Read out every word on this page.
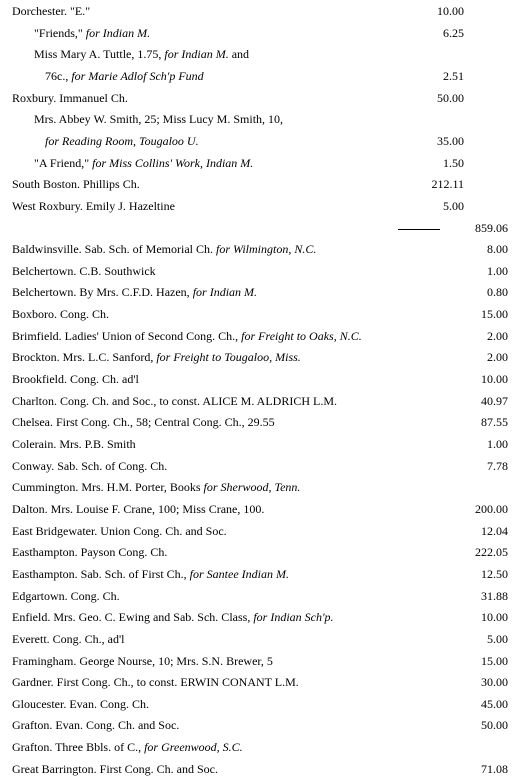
Dorchester. "E."	10.00
"Friends," for Indian M.	6.25
Miss Mary A. Tuttle, 1.75, for Indian M. and
76c., for Marie Adlof Sch'p Fund	2.51
Roxbury. Immanuel Ch.	50.00
Mrs. Abbey W. Smith, 25; Miss Lucy M. Smith, 10,
for Reading Room, Tougaloo U.	35.00
"A Friend," for Miss Collins' Work, Indian M.	1.50
South Boston. Phillips Ch.	212.11
West Roxbury. Emily J. Hazeltine	5.00
859.06
Baldwinsville. Sab. Sch. of Memorial Ch. for Wilmington, N.C.	8.00
Belchertown. C.B. Southwick	1.00
Belchertown. By Mrs. C.F.D. Hazen, for Indian M.	0.80
Boxboro. Cong. Ch.	15.00
Brimfield. Ladies' Union of Second Cong. Ch., for Freight to Oaks, N.C.	2.00
Brockton. Mrs. L.C. Sanford, for Freight to Tougaloo, Miss.	2.00
Brookfield. Cong. Ch. ad'l	10.00
Charlton. Cong. Ch. and Soc., to const. ALICE M. ALDRICH L.M.	40.97
Chelsea. First Cong. Ch., 58; Central Cong. Ch., 29.55	87.55
Colerain. Mrs. P.B. Smith	1.00
Conway. Sab. Sch. of Cong. Ch.	7.78
Cummington. Mrs. H.M. Porter, Books for Sherwood, Tenn.
Dalton. Mrs. Louise F. Crane, 100; Miss Crane, 100.	200.00
East Bridgewater. Union Cong. Ch. and Soc.	12.04
Easthampton. Payson Cong. Ch.	222.05
Easthampton. Sab. Sch. of First Ch., for Santee Indian M.	12.50
Edgartown. Cong. Ch.	31.88
Enfield. Mrs. Geo. C. Ewing and Sab. Sch. Class, for Indian Sch'p.	10.00
Everett. Cong. Ch., ad'l	5.00
Framingham. George Nourse, 10; Mrs. S.N. Brewer, 5	15.00
Gardner. First Cong. Ch., to const. ERWIN CONANT L.M.	30.00
Gloucester. Evan. Cong. Ch.	45.00
Grafton. Evan. Cong. Ch. and Soc.	50.00
Grafton. Three Bbls. of C., for Greenwood, S.C.
Great Barrington. First Cong. Ch. and Soc.	71.08
